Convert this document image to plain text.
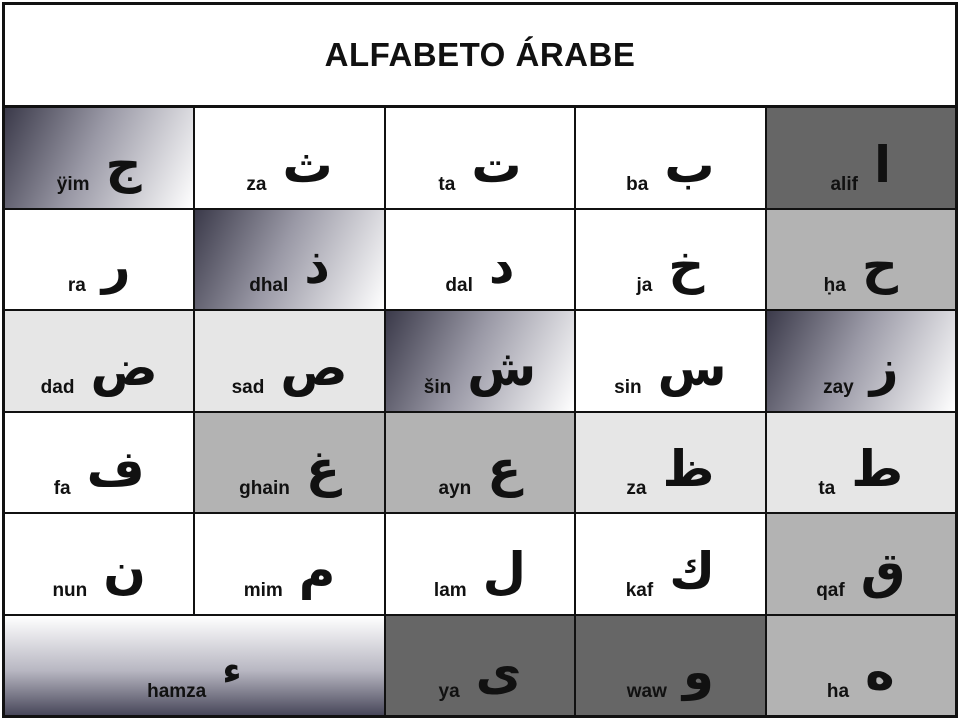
ALFABETO ÁRABE
ÿim ج	za ث	ta ت	ba ب	alif ا
ra ر	dhal ذ	dal د	ja خ	ḥa ح
dad ض	sad ص	šin ش	sin س	zay ز
fa ف	ghain غ	ayn ع	za ظ	ta ط
nun ن	mim م	lam ل	kaf ك	qaf ق
hamza ء	ya ى	waw و	ha ه
